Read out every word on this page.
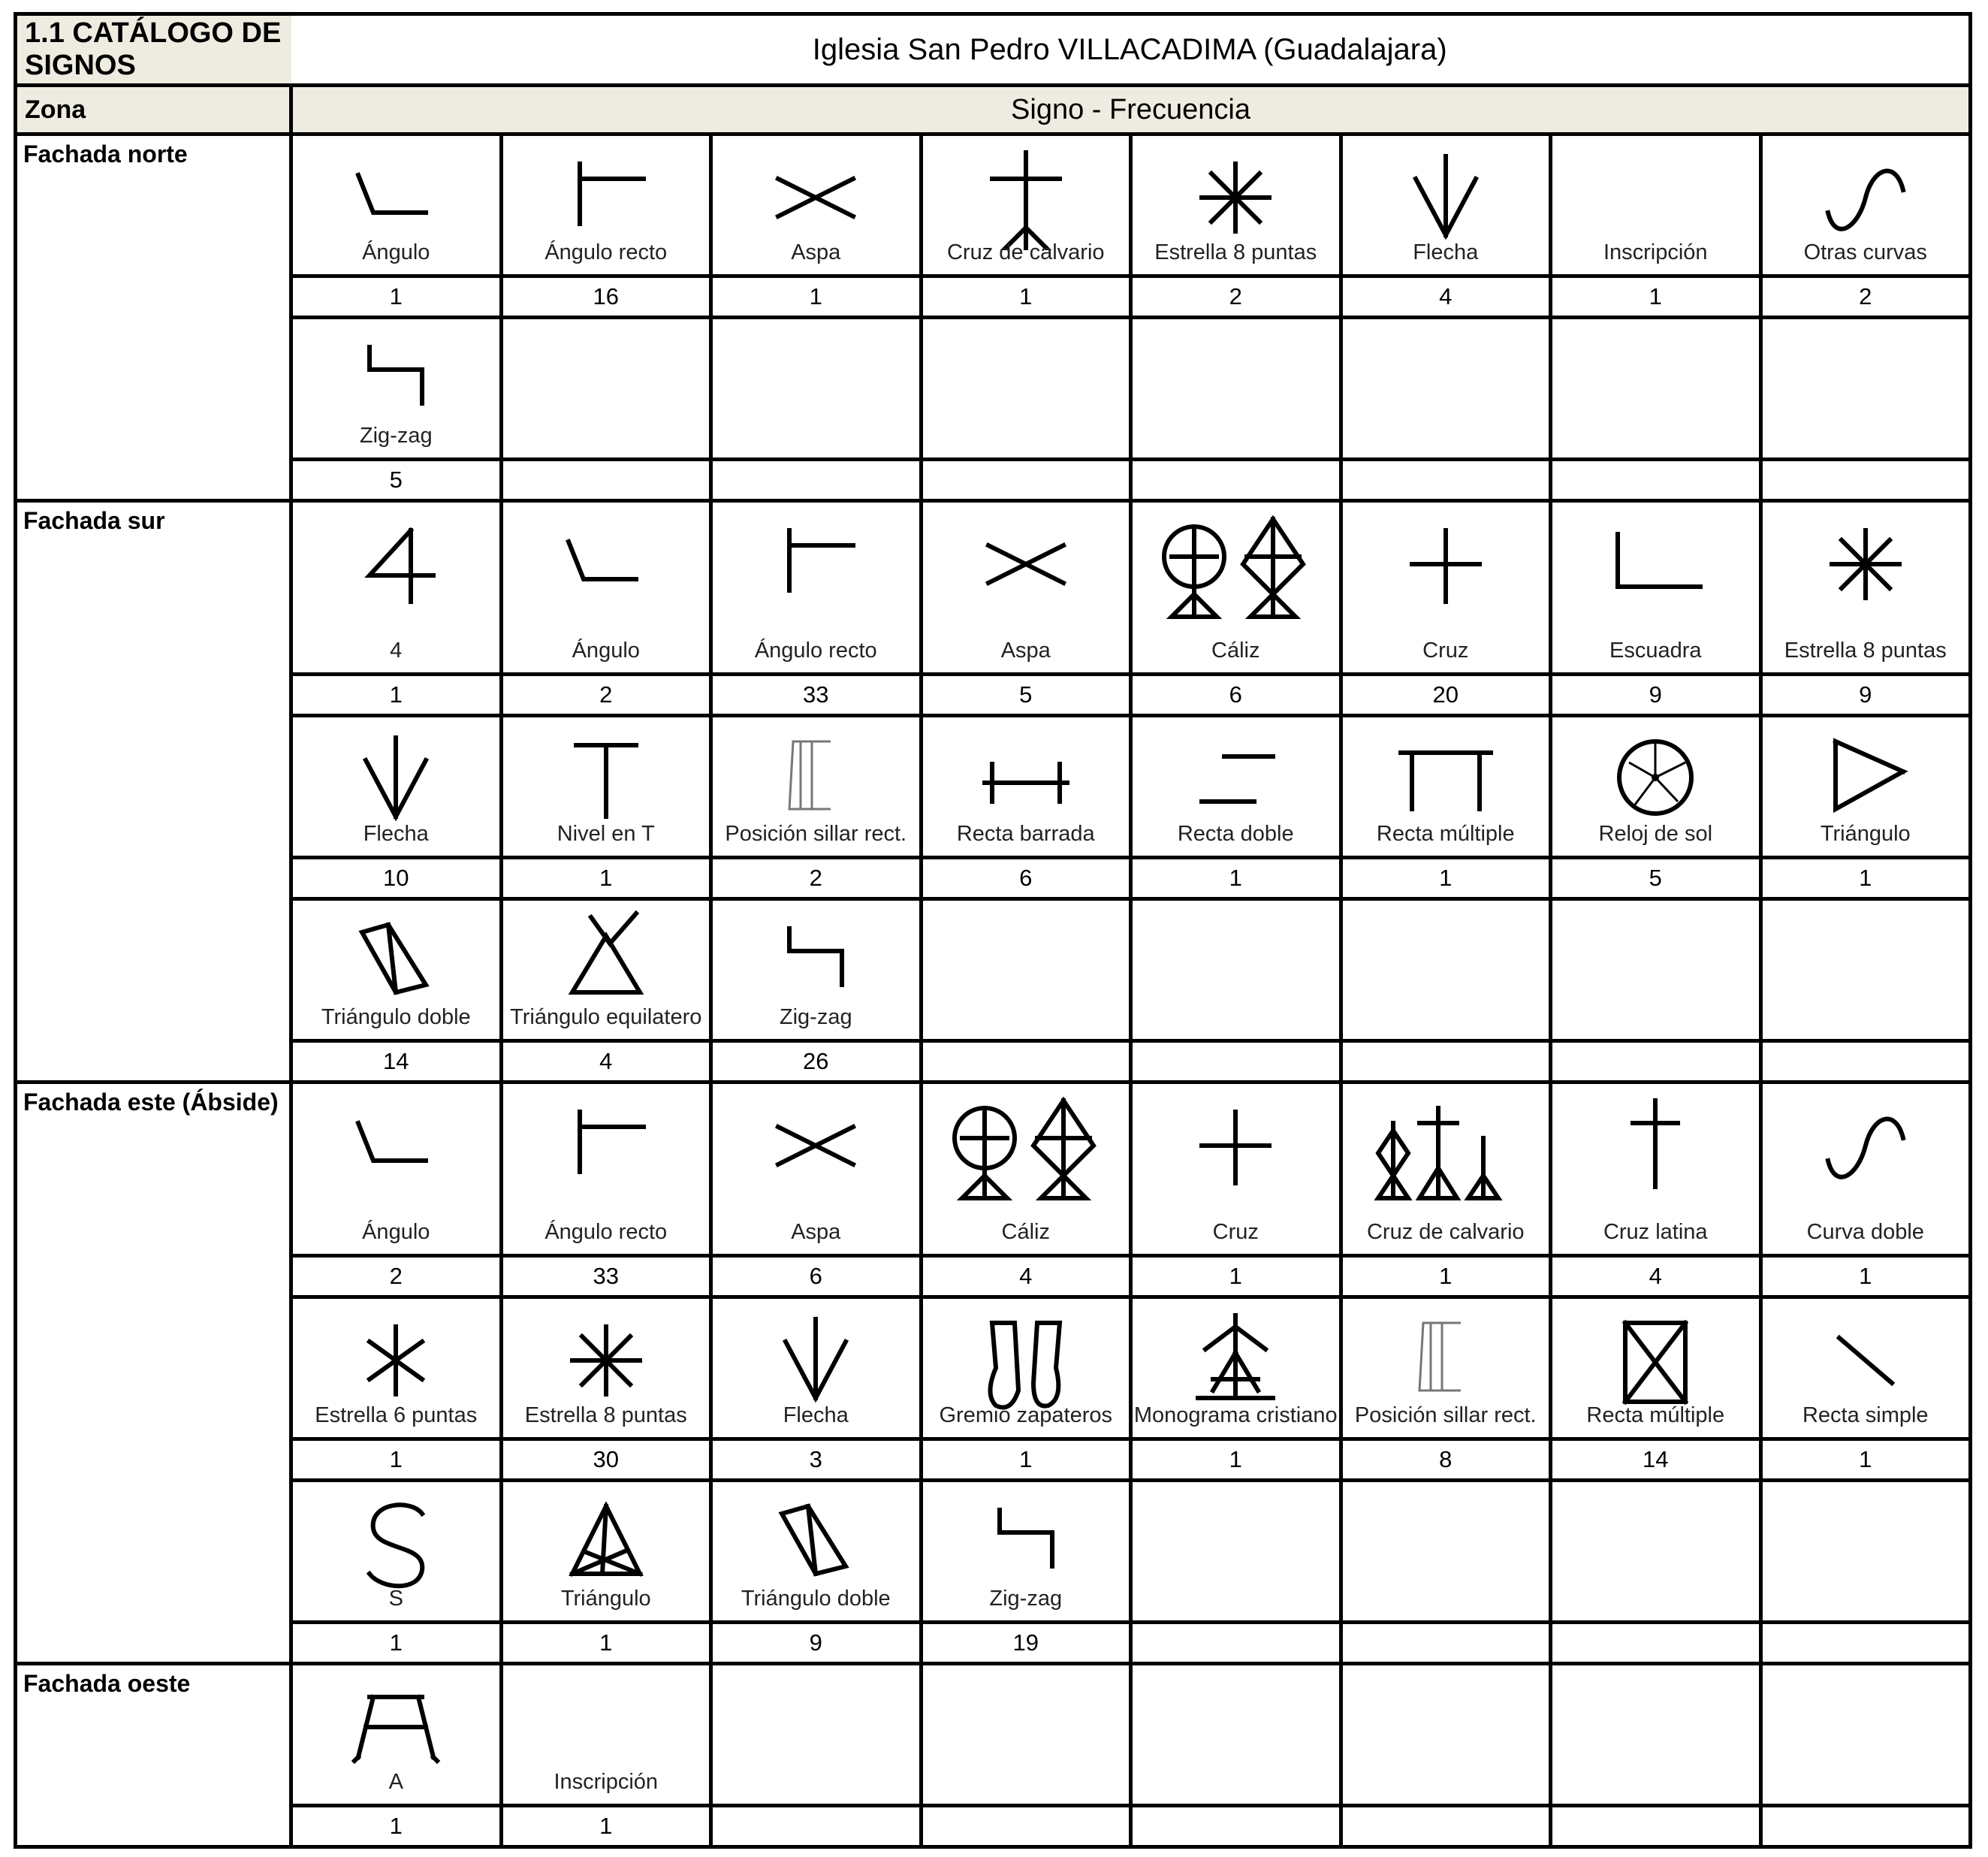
1.1 CATÁLOGO DE SIGNOS	Iglesia San Pedro VILLACADIMA (Guadalajara)							
Zona	Signo - Frecuencia							
Fachada norte	Ángulo	Ángulo recto	Aspa	Cruz de calvario	Estrella 8 puntas	Flecha	Inscripción	Otras curvas

	1	16	1	1	2	4	1	2

	Zig-zag							

	5							
Fachada sur	4	Ángulo	Ángulo recto	Aspa	Cáliz	Cruz	Escuadra	Estrella 8 puntas

	1	2	33	5	6	20	9	9

	Flecha	Nivel en T	Posición sillar rect.	Recta barrada	Recta doble	Recta múltiple	Reloj de sol	Triángulo

	10	1	2	6	1	1	5	1

	Triángulo doble	Triángulo equilatero	Zig-zag					

	14	4	26					
Fachada este (Ábside)	Ángulo	Ángulo recto	Aspa	Cáliz	Cruz	Cruz de calvario	Cruz latina	Curva doble

	2	33	6	4	1	1	4	1

	Estrella 6 puntas	Estrella 8 puntas	Flecha	Gremio zapateros	Monograma cristiano	Posición sillar rect.	Recta múltiple	Recta simple

	1	30	3	1	1	8	14	1

	S	Triángulo	Triángulo doble	Zig-zag				

	1	1	9	19				
Fachada oeste	A	Inscripción						

	1	1						
